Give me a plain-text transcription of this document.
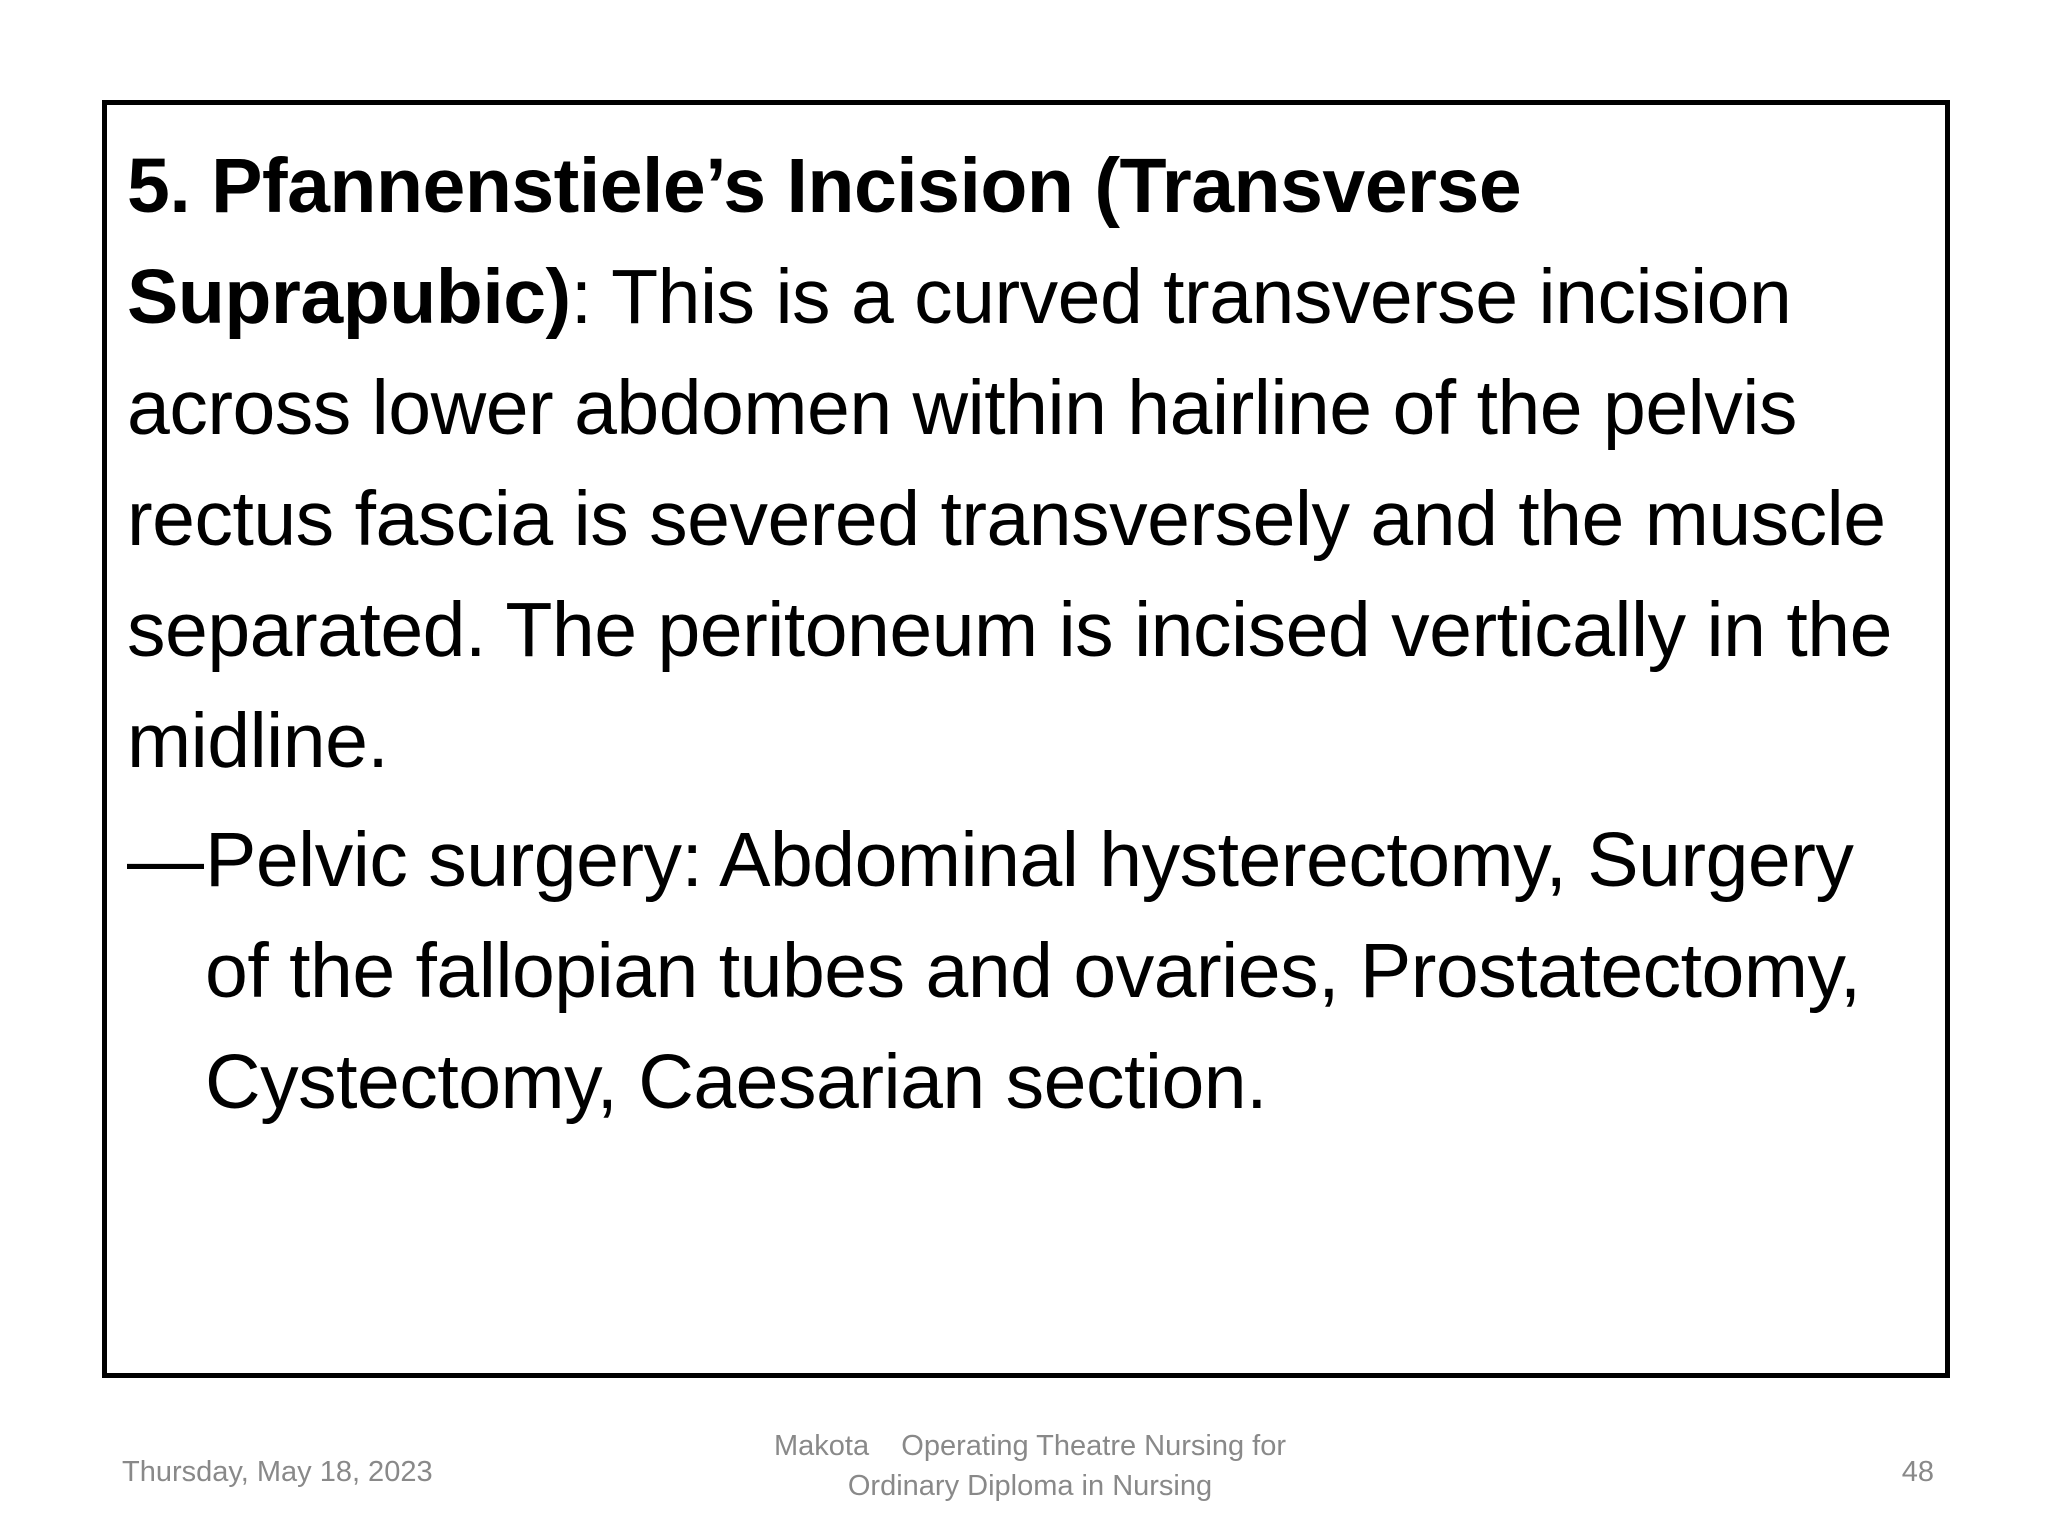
5. Pfannenstiele’s Incision (Transverse Suprapubic): This is a curved transverse incision across lower abdomen within hairline of the pelvis rectus fascia is severed transversely and the muscle separated. The peritoneum is incised vertically in the midline.

— Pelvic surgery: Abdominal hysterectomy, Surgery of the fallopian tubes and ovaries, Prostatectomy, Cystectomy, Caesarian section.
Thursday, May 18, 2023
Makota    Operating Theatre Nursing for
Ordinary Diploma in Nursing	48
